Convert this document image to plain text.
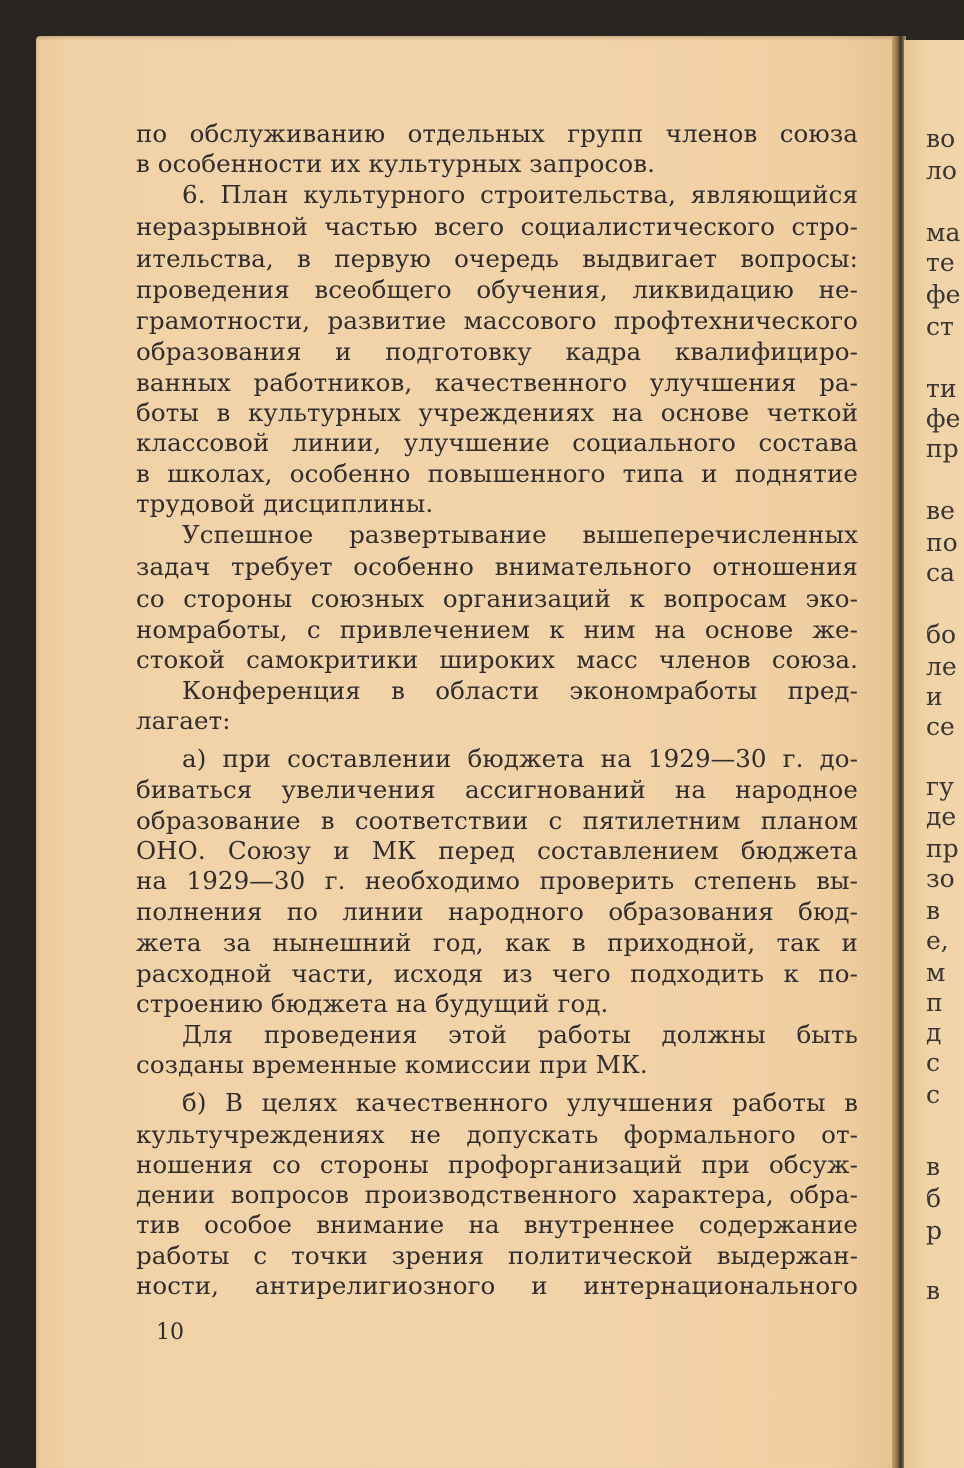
по обслуживанию отдельных групп членов союза
в особенности их культурных запросов.
6. План культурного строительства, являющийся
неразрывной частью всего социалистического стро-
ительства, в первую очередь выдвигает вопросы:
проведения всеобщего обучения, ликвидацию не-
грамотности, развитие массового профтехнического
образования и подготовку кадра квалифициро-
ванных работников, качественного улучшения ра-
боты в культурных учреждениях на основе четкой
классовой линии, улучшение социального состава
в школах, особенно повышенного типа и поднятие
трудовой дисциплины.
Успешное развертывание вышеперечисленных
задач требует особенно внимательного отношения
со стороны союзных организаций к вопросам эко-
номработы, с привлечением к ним на основе же-
стокой самокритики широких масс членов союза.
Конференция в области экономработы пред-
лагает:
а) при составлении бюджета на 1929—30 г. до-
биваться увеличения ассигнований на народное
образование в соответствии с пятилетним планом
ОНО. Союзу и МК перед составлением бюджета
на 1929—30 г. необходимо проверить степень вы-
полнения по линии народного образования бюд-
жета за нынешний год, как в приходной, так и
расходной части, исходя из чего подходить к по-
строению бюджета на будущий год.
Для проведения этой работы должны быть
созданы временные комиссии при МК.
б) В целях качественного улучшения работы в
культучреждениях не допускать формального от-
ношения со стороны профорганизаций при обсуж-
дении вопросов производственного характера, обра-
тив особое внимание на внутреннее содержание
работы с точки зрения политической выдержан-
ности, антирелигиозного и интернационального
10
во
ло
ма
те
фе
ст
ти
фе
пр
ве
по
са
бо
ле
и
се
гу
де
пр
зо
в
е,
м
п
д
с
с
в
б
р
в
